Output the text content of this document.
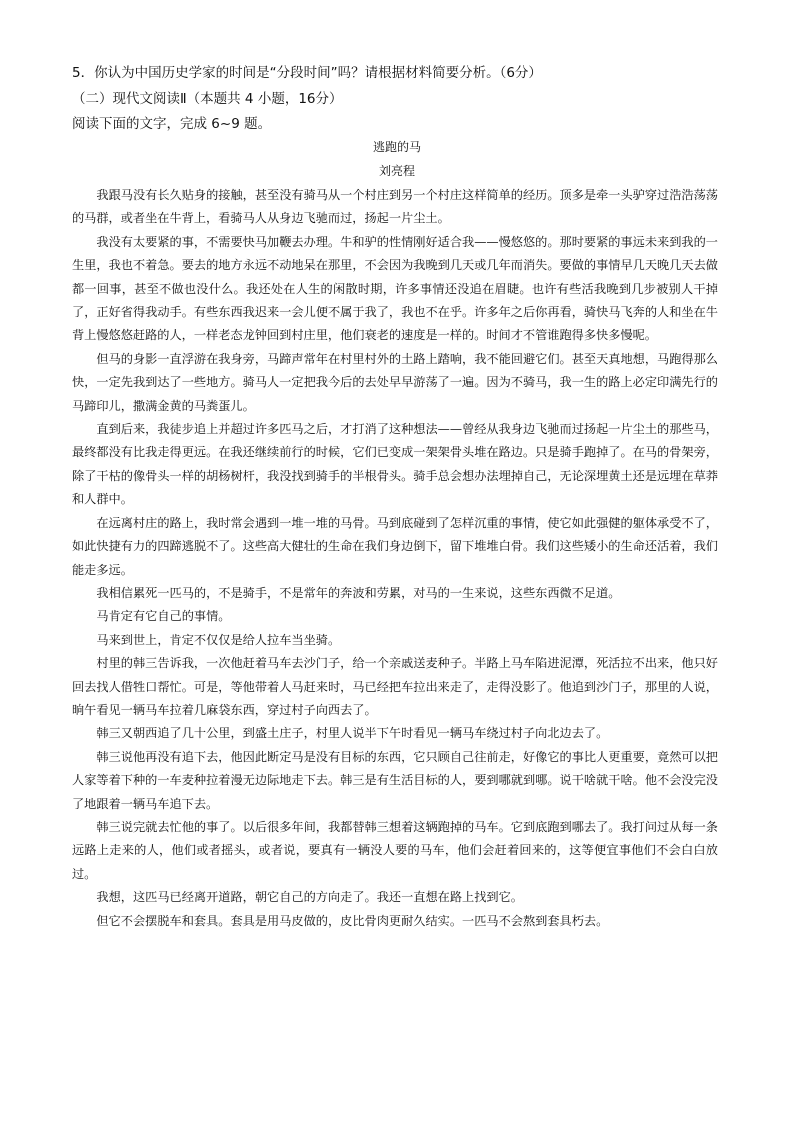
5．你认为中国历史学家的时间是“分段时间”吗？请根据材料简要分析。（6分）

（二）现代文阅读Ⅱ（本题共 4 小题，16分）

阅读下面的文字，完成 6~9 题。

逃跑的马

刘亮程

我跟马没有长久贴身的接触，甚至没有骑马从一个村庄到另一个村庄这样简单的经历。顶多是牵一头驴穿过浩浩荡荡的马群，或者坐在牛背上，看骑马人从身边飞驰而过，扬起一片尘土。

我没有太要紧的事，不需要快马加鞭去办理。牛和驴的性情刚好适合我——慢悠悠的。那时要紧的事远未来到我的一生里，我也不着急。要去的地方永远不动地呆在那里，不会因为我晚到几天或几年而消失。要做的事情早几天晚几天去做都一回事，甚至不做也没什么。我还处在人生的闲散时期，许多事情还没追在眉睫。也许有些活我晚到几步被别人干掉了，正好省得我动手。有些东西我迟来一会儿便不属于我了，我也不在乎。许多年之后你再看，骑快马飞奔的人和坐在牛背上慢悠悠赶路的人，一样老态龙钟回到村庄里，他们衰老的速度是一样的。时间才不管谁跑得多快多慢呢。

但马的身影一直浮游在我身旁，马蹄声常年在村里村外的土路上踏响，我不能回避它们。甚至天真地想，马跑得那么快，一定先我到达了一些地方。骑马人一定把我今后的去处早早游荡了一遍。因为不骑马，我一生的路上必定印满先行的马蹄印儿，撒满金黄的马粪蛋儿。

直到后来，我徒步追上并超过许多匹马之后，才打消了这种想法——曾经从我身边飞驰而过扬起一片尘土的那些马，最终都没有比我走得更远。在我还继续前行的时候，它们已变成一架架骨头堆在路边。只是骑手跑掉了。在马的骨架旁，除了干枯的像骨头一样的胡杨树杆，我没找到骑手的半根骨头。骑手总会想办法埋掉自己，无论深埋黄土还是远埋在草莽和人群中。

在远离村庄的路上，我时常会遇到一堆一堆的马骨。马到底碰到了怎样沉重的事情，使它如此强健的躯体承受不了，如此快捷有力的四蹄逃脱不了。这些高大健壮的生命在我们身边倒下，留下堆堆白骨。我们这些矮小的生命还活着，我们能走多远。

我相信累死一匹马的，不是骑手，不是常年的奔波和劳累，对马的一生来说，这些东西微不足道。

马肯定有它自己的事情。

马来到世上，肯定不仅仅是给人拉车当坐骑。

村里的韩三告诉我，一次他赶着马车去沙门子，给一个亲戚送麦种子。半路上马车陷进泥潭，死活拉不出来，他只好回去找人借牲口帮忙。可是，等他带着人马赶来时，马已经把车拉出来走了，走得没影了。他追到沙门子，那里的人说，晌午看见一辆马车拉着几麻袋东西，穿过村子向西去了。

韩三又朝西追了几十公里，到盛土庄子，村里人说半下午时看见一辆马车绕过村子向北边去了。

韩三说他再没有追下去，他因此断定马是没有目标的东西，它只顾自己往前走，好像它的事比人更重要，竟然可以把人家等着下种的一车麦种拉着漫无边际地走下去。韩三是有生活目标的人，要到哪就到哪。说干啥就干啥。他不会没完没了地跟着一辆马车追下去。

韩三说完就去忙他的事了。以后很多年间，我都替韩三想着这辆跑掉的马车。它到底跑到哪去了。我打问过从每一条远路上走来的人，他们或者摇头，或者说，要真有一辆没人要的马车，他们会赶着回来的，这等便宜事他们不会白白放过。

我想，这匹马已经离开道路，朝它自己的方向走了。我还一直想在路上找到它。

但它不会摆脱车和套具。套具是用马皮做的，皮比骨肉更耐久结实。一匹马不会熬到套具朽去。
